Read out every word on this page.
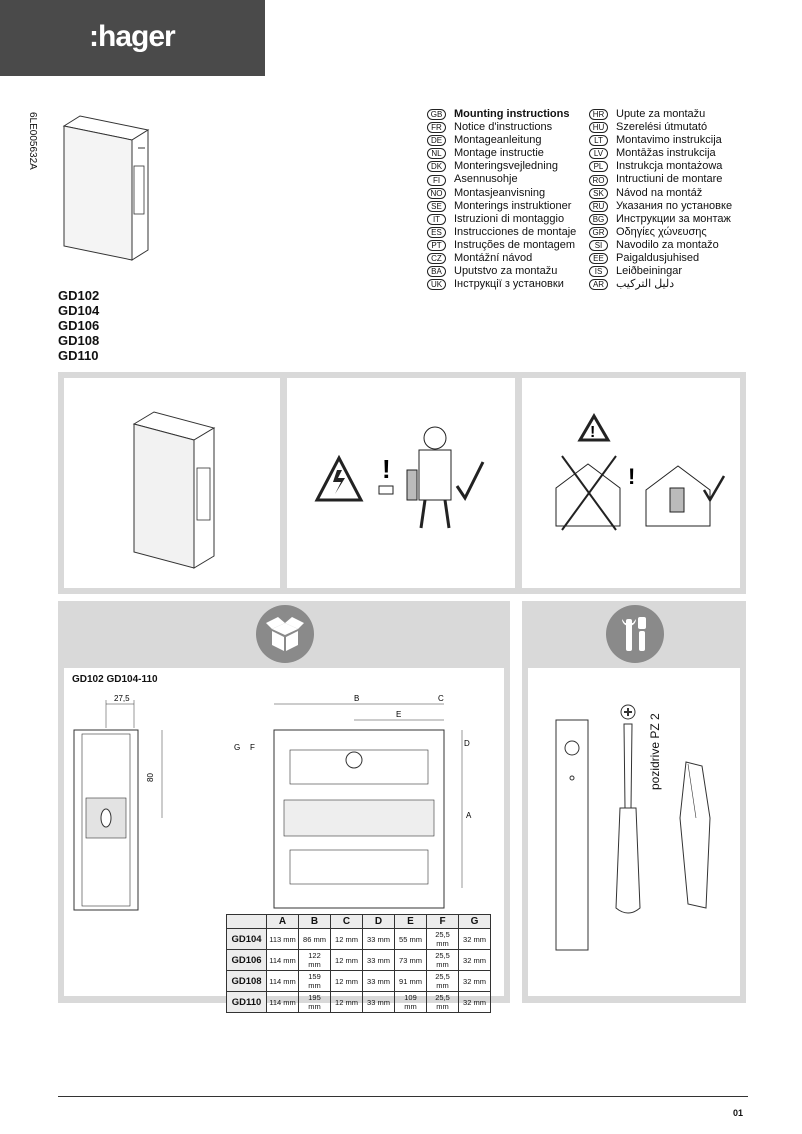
:hager
6LE005632A
GD102
GD104
GD106
GD108
GD110
GB	Mounting instructions
FR	Notice d'instructions
DE	Montageanleitung
NL	Montage instructie
DK	Monteringsvejledning
FI	Asennusohje
NO	Montasjeanvisning
SE	Monterings instruktioner
IT	Istruzioni di montaggio
ES	Instrucciones de montaje
PT	Instruções de montagem
CZ	Montážní návod
BA	Uputstvo za montažu
UK	Інструкції з установки
HR	Upute za montažu
HU	Szerelési útmutató
LT	Montavimo instrukcija
LV	Montāžas instrukcija
PL	Instrukcja montażowa
RO	Intructiuni de montare
SK	Návod na montáž
RU	Указания по установке
BG	Инструкции за монтаж
GR	Οδηγίες χώνευσης
SI	Navodilo za montažo
EE	Paigaldusjuhised
IS	Leiðbeiningar
AR	دليل التركيب
!
!
!
GD102 GD104-110
27,5
80
B	C
E
A
D
F
G
	A	B	C	D	E	F	G
GD104	113 mm	86 mm	12 mm	33 mm	55 mm	25,5 mm	32 mm
GD106	114 mm	122 mm	12 mm	33 mm	73 mm	25,5 mm	32 mm
GD108	114 mm	159 mm	12 mm	33 mm	91 mm	25,5 mm	32 mm
GD110	114 mm	195 mm	12 mm	33 mm	109 mm	25,5 mm	32 mm
pozidrive PZ 2
01
